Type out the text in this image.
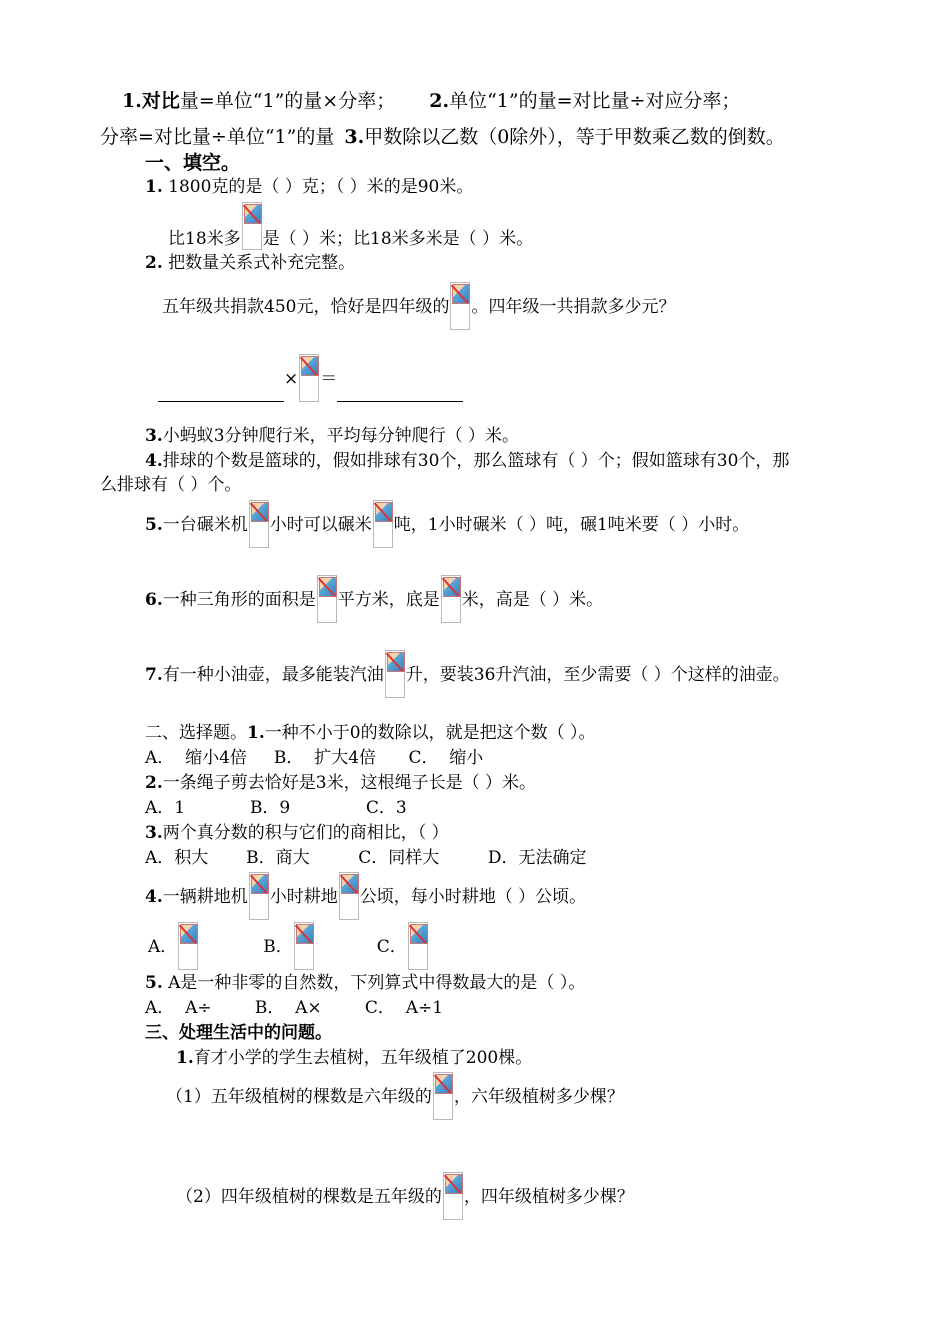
1.对比量=单位“1”的量×分率； 2.单位“1”的量=对比量÷对应分率；
分率=对比量÷单位“1”的量 3.甲数除以乙数（0除外），等于甲数乘乙数的倒数。
一、填空。
1. 1800克的是（ ）克；（ ）米的是90米。
比18米多 是（ ）米；比18米多米是（ ）米。
2. 把数量关系式补充完整。
五年级共捐款450元，恰好是四年级的 。四年级一共捐款多少元？
× ＝
3.小蚂蚁3分钟爬行米，平均每分钟爬行（ ）米。
4.排球的个数是篮球的，假如排球有30个，那么篮球有（ ）个；假如篮球有30个，那
么排球有（ ）个。
5.一台碾米机 小时可以碾米 吨，1小时碾米（ ）吨，碾1吨米要（ ）小时。
6.一种三角形的面积是 平方米，底是 米，高是（ ）米。
7.有一种小油壶，最多能装汽油 升，要装36升汽油，至少需要（ ）个这样的油壶。
二、选择题。1.一种不小于0的数除以，就是把这个数（ ）。
A．  缩小4倍     B．  扩大4倍      C．  缩小
2.一条绳子剪去恰好是3米，这根绳子长是（ ）米。
A．1            B．9              C．3
3.两个真分数的积与它们的商相比，（ ）
A．积大       B．商大         C．同样大         D．无法确定
4.一辆耕地机 小时耕地 公顷，每小时耕地（ ）公顷。
A．	B．	C．
5. A是一种非零的自然数，下列算式中得数最大的是（ ）。
A．  A÷        B．  A×        C．  A÷1
三、处理生活中的问题。
1.育才小学的学生去植树，五年级植了200棵。
（1）五年级植树的棵数是六年级的 ，六年级植树多少棵？
（2）四年级植树的棵数是五年级的 ，四年级植树多少棵？
